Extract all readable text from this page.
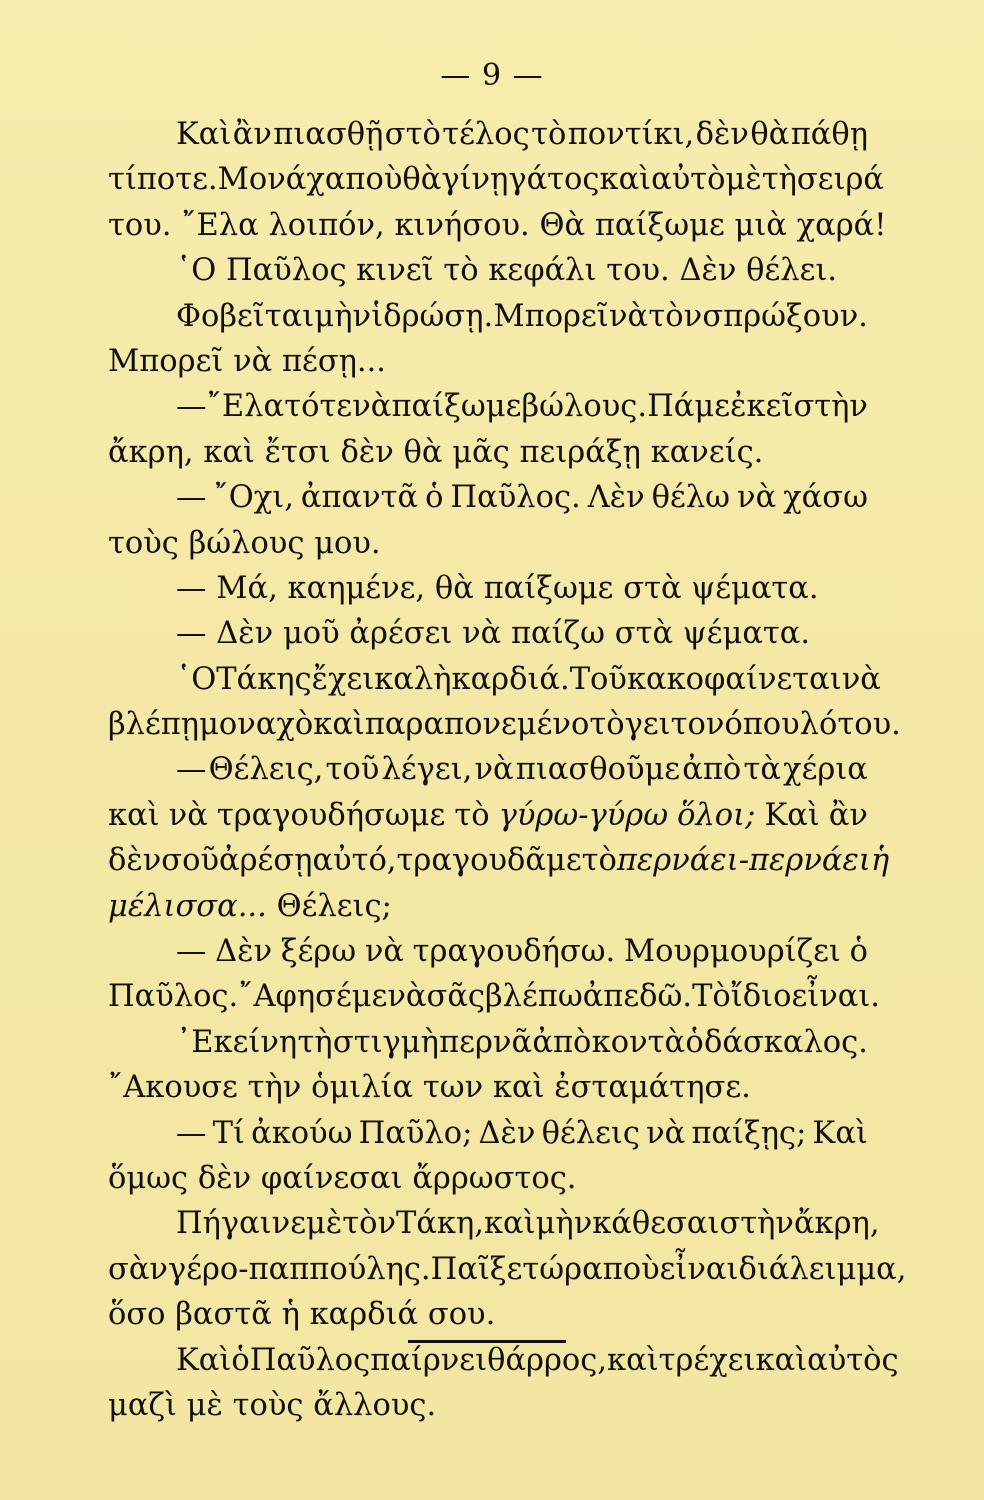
— 9 —
Καὶ ἂν πιασθῇ στὸ τέλος τὸ ποντίκι, δὲν θὰ πάθῃ
τίποτε. Μονάχα ποὺ θὰ γίνῃ γάτος καὶ αὐτὸ μὲ τὴ σειρά
του. ῎Ελα λοιπόν, κινήσου. Θὰ παίξωμε μιὰ χαρά!
῾Ο Παῦλος κινεῖ τὸ κεφάλι του. Δὲν θέλει.
Φοβεῖται μὴν ἱδρώσῃ. Μπορεῖ νὰ τὸν σπρώξουν.
Μπορεῖ νὰ πέσῃ...
— ῎Ελα τότε νὰ παίξωμε βώλους. Πάμε ἐκεῖ στὴν
ἄκρη, καὶ ἔτσι δὲν θὰ μᾶς πειράξῃ κανείς.
— ῎Οχι, ἀπαντᾶ ὁ Παῦλος. Λὲν θέλω νὰ χάσω
τοὺς βώλους μου.
— Μά, καημένε, θὰ παίξωμε στὰ ψέματα.
— Δὲν μοῦ ἀρέσει νὰ παίζω στὰ ψέματα.
῾Ο Τάκης ἔχει καλὴ καρδιά. Τοῦ κακοφαίνεται νὰ
βλέπῃ μοναχὸ καὶ παραπονεμένο τὸ γειτονόπουλό του.
— Θέλεις, τοῦ λέγει, νὰ πιασθοῦμε ἀπὸ τὰ χέρια
καὶ νὰ τραγουδήσωμε τὸ γύρω-γύρω ὅλοι; Καὶ ἂν
δὲν σοῦ ἀρέσῃ αὐτό, τραγουδᾶμε τὸ περνάει-περνάει ἡ
μέλισσα... Θέλεις;
— Δὲν ξέρω νὰ τραγουδήσω. Μουρμουρίζει ὁ
Παῦλος. ῎Αφησέ με νὰ σᾶς βλέπω ἀπεδῶ. Τὸ ἴδιο εἶναι.
᾿Εκείνη τὴ στιγμὴ περνᾶ ἀπὸ κοντὰ ὁ δάσκαλος.
῎Ακουσε τὴν ὁμιλία των καὶ ἐσταμάτησε.
— Τί ἀκούω Παῦλο; Δὲν θέλεις νὰ παίξῃς; Καὶ
ὅμως δὲν φαίνεσαι ἄρρωστος.
Πήγαινε μὲ τὸν Τάκη, καὶ μὴν κάθεσαι στὴν ἄκρη,
σὰν γέρο-παππούλης. Παῖξε τώρα ποὺ εἶναι διάλειμμα,
ὅσο βαστᾶ ἡ καρδιά σου.
Καὶ ὁ Παῦλος παίρνει θάρρος, καὶ τρέχει καὶ αὐτὸς
μαζὶ μὲ τοὺς ἄλλους.
